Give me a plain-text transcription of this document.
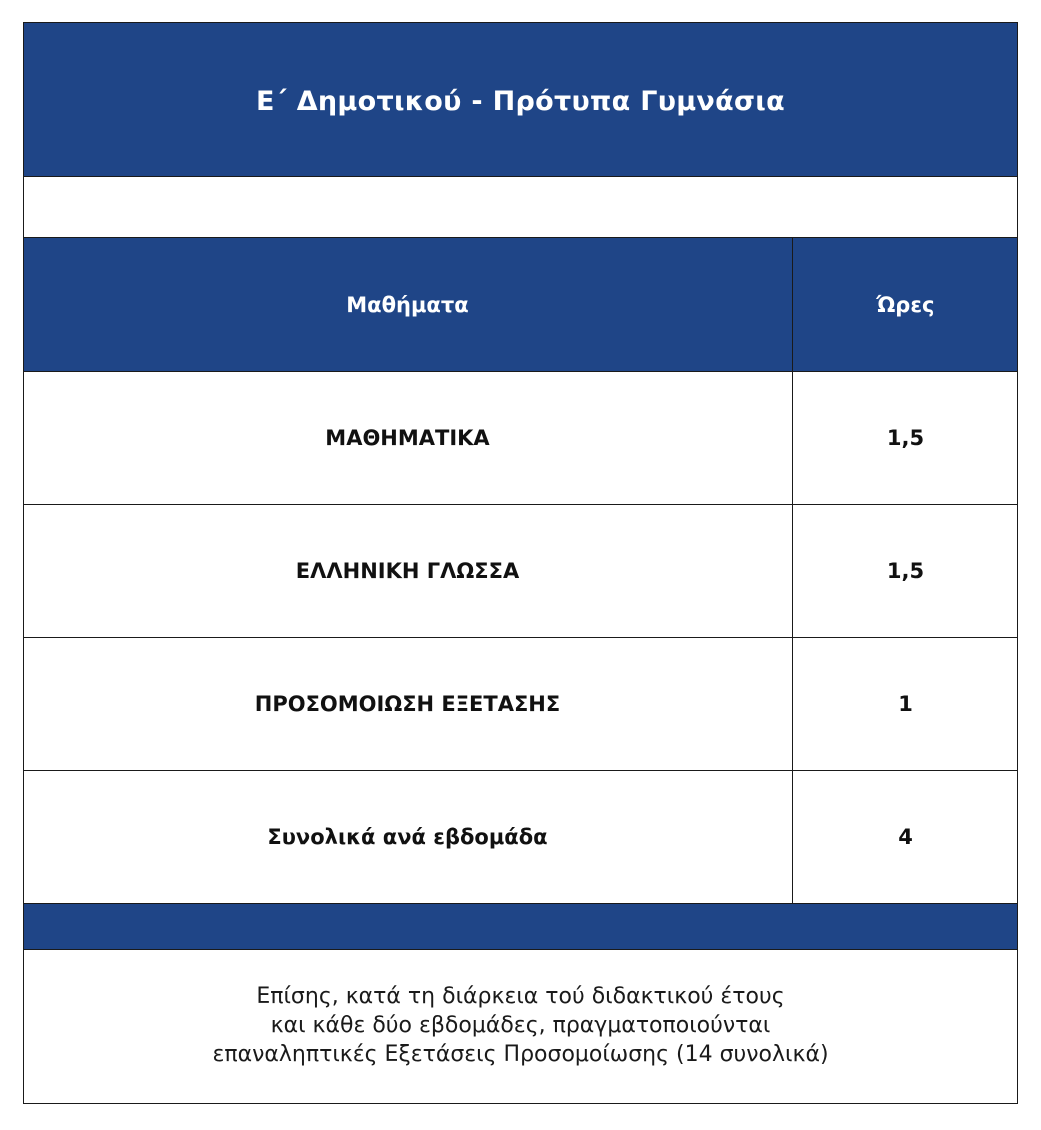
Ε΄ Δημοτικού - Πρότυπα Γυμνάσια
Μαθήματα	Ώρες
ΜΑΘΗΜΑΤΙΚΑ	1,5
ΕΛΛΗΝΙΚΗ ΓΛΩΣΣΑ	1,5
ΠΡΟΣΟΜΟΙΩΣΗ ΕΞΕΤΑΣΗΣ	1
Συνολικά ανά εβδομάδα	4
Επίσης, κατά τη διάρκεια τού διδακτικού έτους
και κάθε δύο εβδομάδες, πραγματοποιούνται
επαναληπτικές Εξετάσεις Προσομοίωσης (14 συνολικά)
